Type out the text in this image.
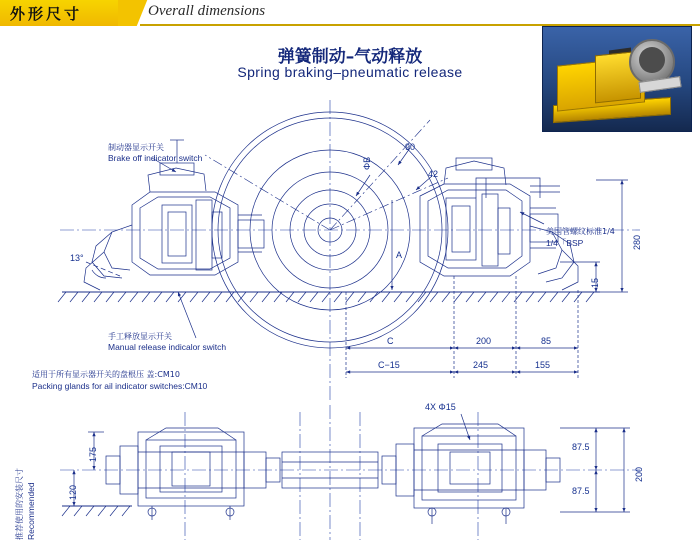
外形尺寸	Overall dimensions
弹簧制动–气动释放
Spring braking–pneumatic release
制动器显示开关
Brake off indicator switch
手工释放显示开关
Manual release indicalor switch
适用于所有显示器开关的盘根压 盖:CM10
Packing glands for ail indicator switches:CM10
美国管螺纹标准1/4
1/4「BSP
推荐使用的安装尺寸 Recommended
ΦB
90
42
13°	A
280
15
C	200	85
C−15	245	155
4X Φ15
175
120
87.5
87.5
200
